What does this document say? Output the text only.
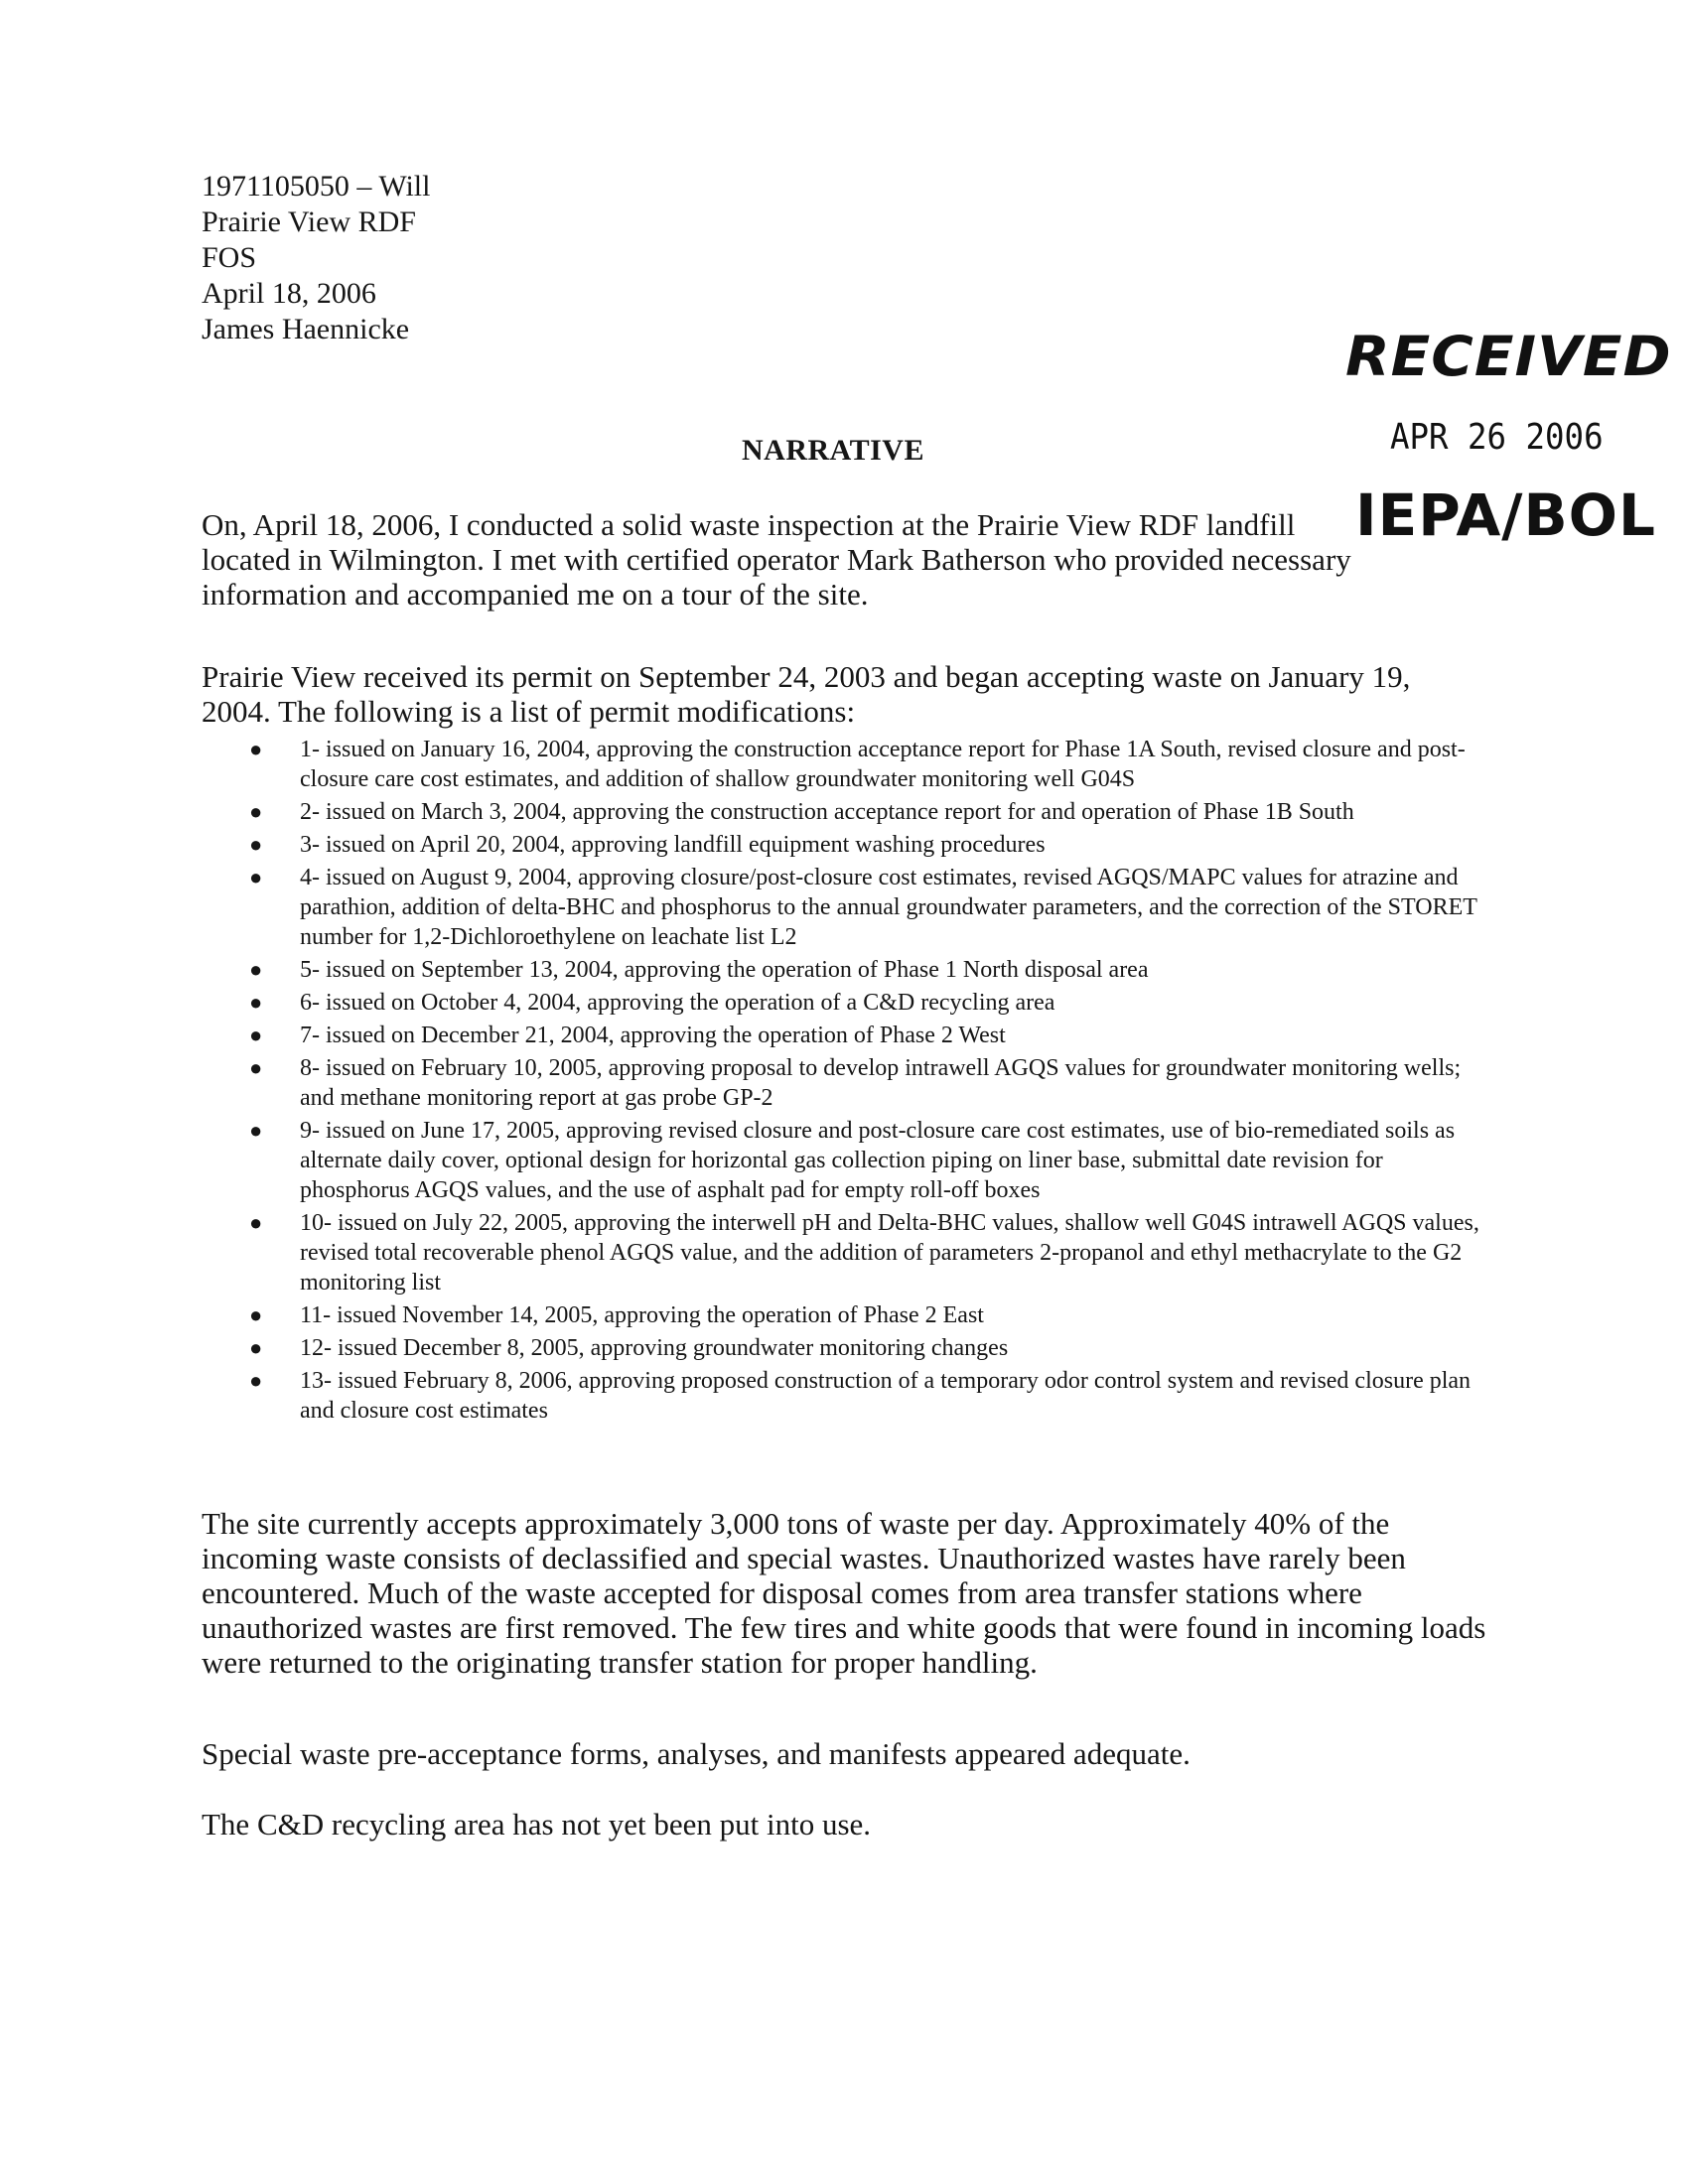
1971105050 – Will
Prairie View RDF
FOS
April 18, 2006
James Haennicke	RECEIVED
APR 26 2006
IEPA/BOL
NARRATIVE
On, April 18, 2006, I conducted a solid waste inspection at the Prairie View RDF landfill located in Wilmington. I met with certified operator Mark Batherson who provided necessary information and accompanied me on a tour of the site.
Prairie View received its permit on September 24, 2003 and began accepting waste on January 19, 2004. The following is a list of permit modifications:
● 1- issued on January 16, 2004, approving the construction acceptance report for Phase 1A South, revised closure and post-closure care cost estimates, and addition of shallow groundwater monitoring well G04S
● 2- issued on March 3, 2004, approving the construction acceptance report for and operation of Phase 1B South
● 3- issued on April 20, 2004, approving landfill equipment washing procedures
● 4- issued on August 9, 2004, approving closure/post-closure cost estimates, revised AGQS/MAPC values for atrazine and parathion, addition of delta-BHC and phosphorus to the annual groundwater parameters, and the correction of the STORET number for 1,2-Dichloroethylene on leachate list L2
● 5- issued on September 13, 2004, approving the operation of Phase 1 North disposal area
● 6- issued on October 4, 2004, approving the operation of a C&D recycling area
● 7- issued on December 21, 2004, approving the operation of Phase 2 West
● 8- issued on February 10, 2005, approving proposal to develop intrawell AGQS values for groundwater monitoring wells; and methane monitoring report at gas probe GP-2
● 9- issued on June 17, 2005, approving revised closure and post-closure care cost estimates, use of bio-remediated soils as alternate daily cover, optional design for horizontal gas collection piping on liner base, submittal date revision for phosphorus AGQS values, and the use of asphalt pad for empty roll-off boxes
● 10- issued on July 22, 2005, approving the interwell pH and Delta-BHC values, shallow well G04S intrawell AGQS values, revised total recoverable phenol AGQS value, and the addition of parameters 2-propanol and ethyl methacrylate to the G2 monitoring list
● 11- issued November 14, 2005, approving the operation of Phase 2 East
● 12- issued December 8, 2005, approving groundwater monitoring changes
● 13- issued February 8, 2006, approving proposed construction of a temporary odor control system and revised closure plan and closure cost estimates
The site currently accepts approximately 3,000 tons of waste per day. Approximately 40% of the incoming waste consists of declassified and special wastes. Unauthorized wastes have rarely been encountered. Much of the waste accepted for disposal comes from area transfer stations where unauthorized wastes are first removed. The few tires and white goods that were found in incoming loads were returned to the originating transfer station for proper handling.
Special waste pre-acceptance forms, analyses, and manifests appeared adequate.
The C&D recycling area has not yet been put into use.
